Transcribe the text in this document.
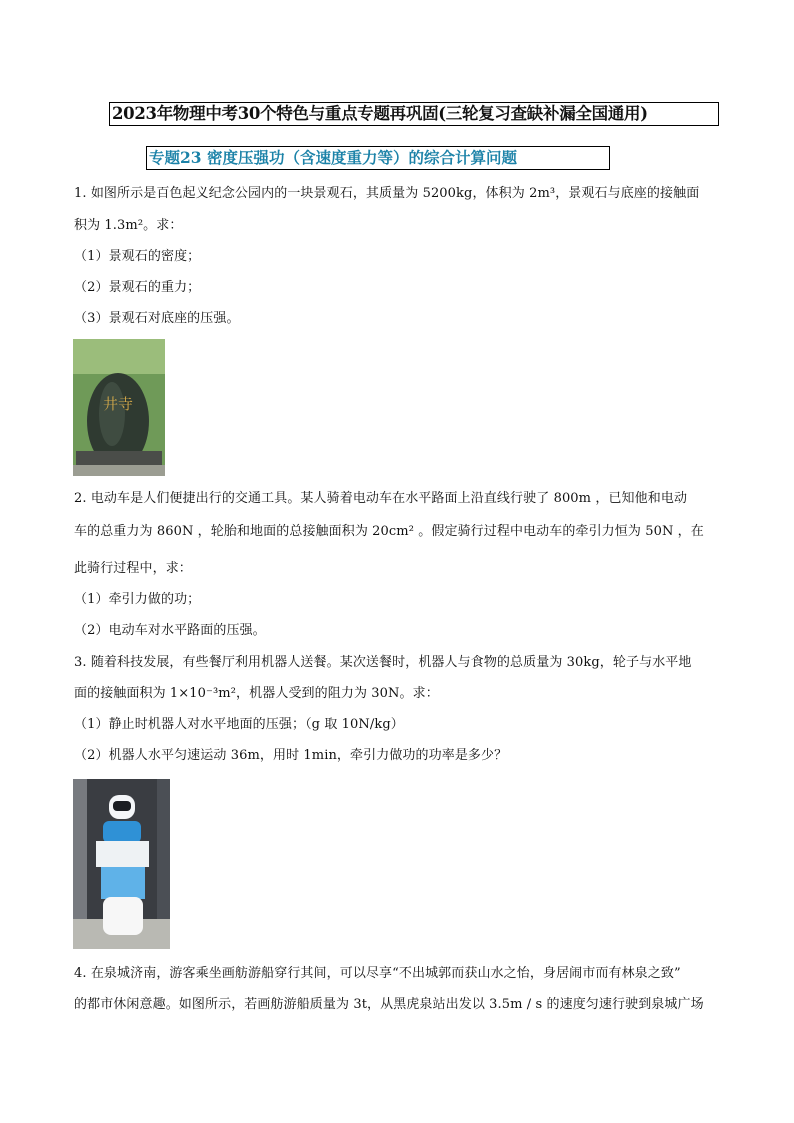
2023年物理中考30个特色与重点专题再巩固(三轮复习查缺补漏全国通用)
专题23 密度压强功（含速度重力等）的综合计算问题
1. 如图所示是百色起义纪念公园内的一块景观石，其质量为 5200kg，体积为 2m³，景观石与底座的接触面
积为 1.3m²。求：
（1）景观石的密度；
（2）景观石的重力；
（3）景观石对底座的压强。
井寺
2. 电动车是人们便捷出行的交通工具。某人骑着电动车在水平路面上沿直线行驶了 800m ，已知他和电动
车的总重力为 860N ，轮胎和地面的总接触面积为 20cm² 。假定骑行过程中电动车的牵引力恒为 50N ，在
此骑行过程中，求：
（1）牵引力做的功；
（2）电动车对水平路面的压强。
3. 随着科技发展，有些餐厅利用机器人送餐。某次送餐时，机器人与食物的总质量为 30kg，轮子与水平地
面的接触面积为 1×10⁻³m²，机器人受到的阻力为 30N。求：
（1）静止时机器人对水平地面的压强；（g 取 10N/kg）
（2）机器人水平匀速运动 36m，用时 1min，牵引力做功的功率是多少？
4. 在泉城济南，游客乘坐画舫游船穿行其间，可以尽享“不出城郭而获山水之怡，身居闹市而有林泉之致”
的都市休闲意趣。如图所示，若画舫游船质量为 3t，从黑虎泉站出发以 3.5m / s 的速度匀速行驶到泉城广场
